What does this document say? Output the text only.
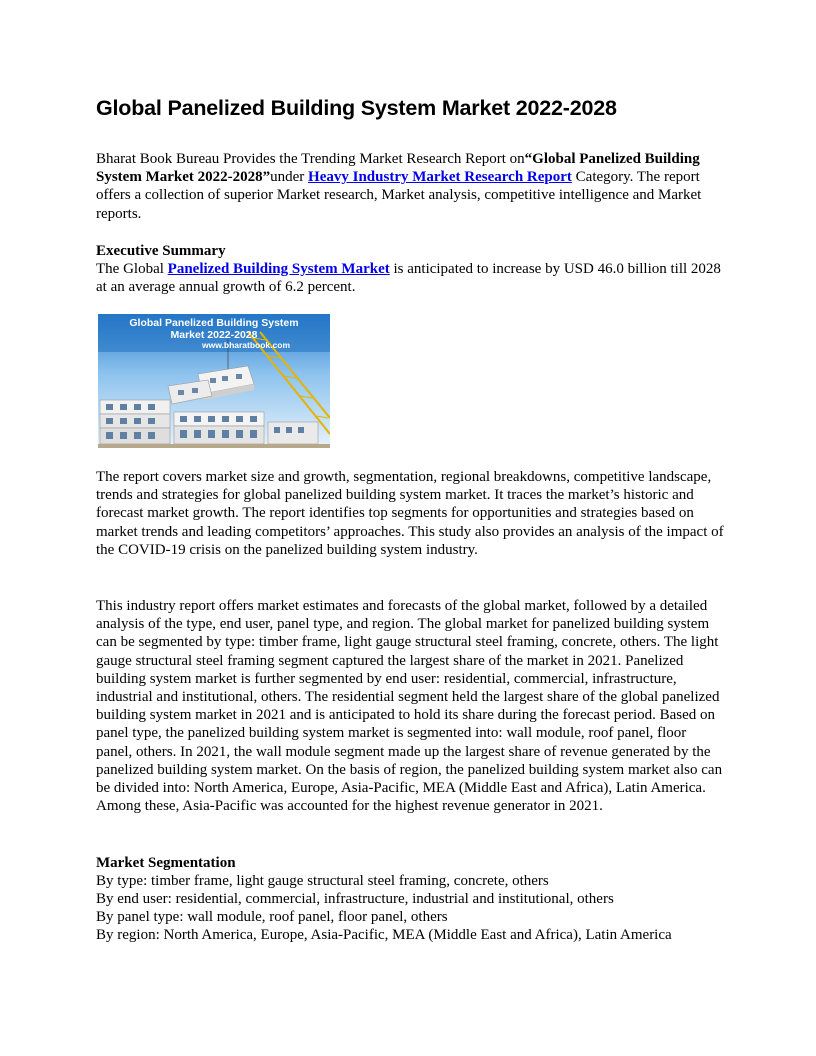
Global Panelized Building System Market 2022-2028

Bharat Book Bureau Provides the Trending Market Research Report on“Global Panelized Building System Market 2022-2028”under Heavy Industry Market Research Report Category. The report offers a collection of superior Market research, Market analysis, competitive intelligence and Market reports.

Executive Summary

The Global Panelized Building System Market is anticipated to increase by USD 46.0 billion till 2028 at an average annual growth of 6.2 percent.

Global Panelized Building System
Market 2022-2028
www.bharatbook.com

The report covers market size and growth, segmentation, regional breakdowns, competitive landscape, trends and strategies for global panelized building system market. It traces the market’s historic and forecast market growth. The report identifies top segments for opportunities and strategies based on market trends and leading competitors’ approaches. This study also provides an analysis of the impact of the COVID-19 crisis on the panelized building system industry.

This industry report offers market estimates and forecasts of the global market, followed by a detailed analysis of the type, end user, panel type, and region. The global market for panelized building system can be segmented by type: timber frame, light gauge structural steel framing, concrete, others. The light gauge structural steel framing segment captured the largest share of the market in 2021. Panelized building system market is further segmented by end user: residential, commercial, infrastructure, industrial and institutional, others. The residential segment held the largest share of the global panelized building system market in 2021 and is anticipated to hold its share during the forecast period. Based on panel type, the panelized building system market is segmented into: wall module, roof panel, floor panel, others. In 2021, the wall module segment made up the largest share of revenue generated by the panelized building system market. On the basis of region, the panelized building system market also can be divided into: North America, Europe, Asia-Pacific, MEA (Middle East and Africa), Latin America. Among these, Asia-Pacific was accounted for the highest revenue generator in 2021.

Market Segmentation

By type: timber frame, light gauge structural steel framing, concrete, others

By end user: residential, commercial, infrastructure, industrial and institutional, others

By panel type: wall module, roof panel, floor panel, others

By region: North America, Europe, Asia-Pacific, MEA (Middle East and Africa), Latin America
